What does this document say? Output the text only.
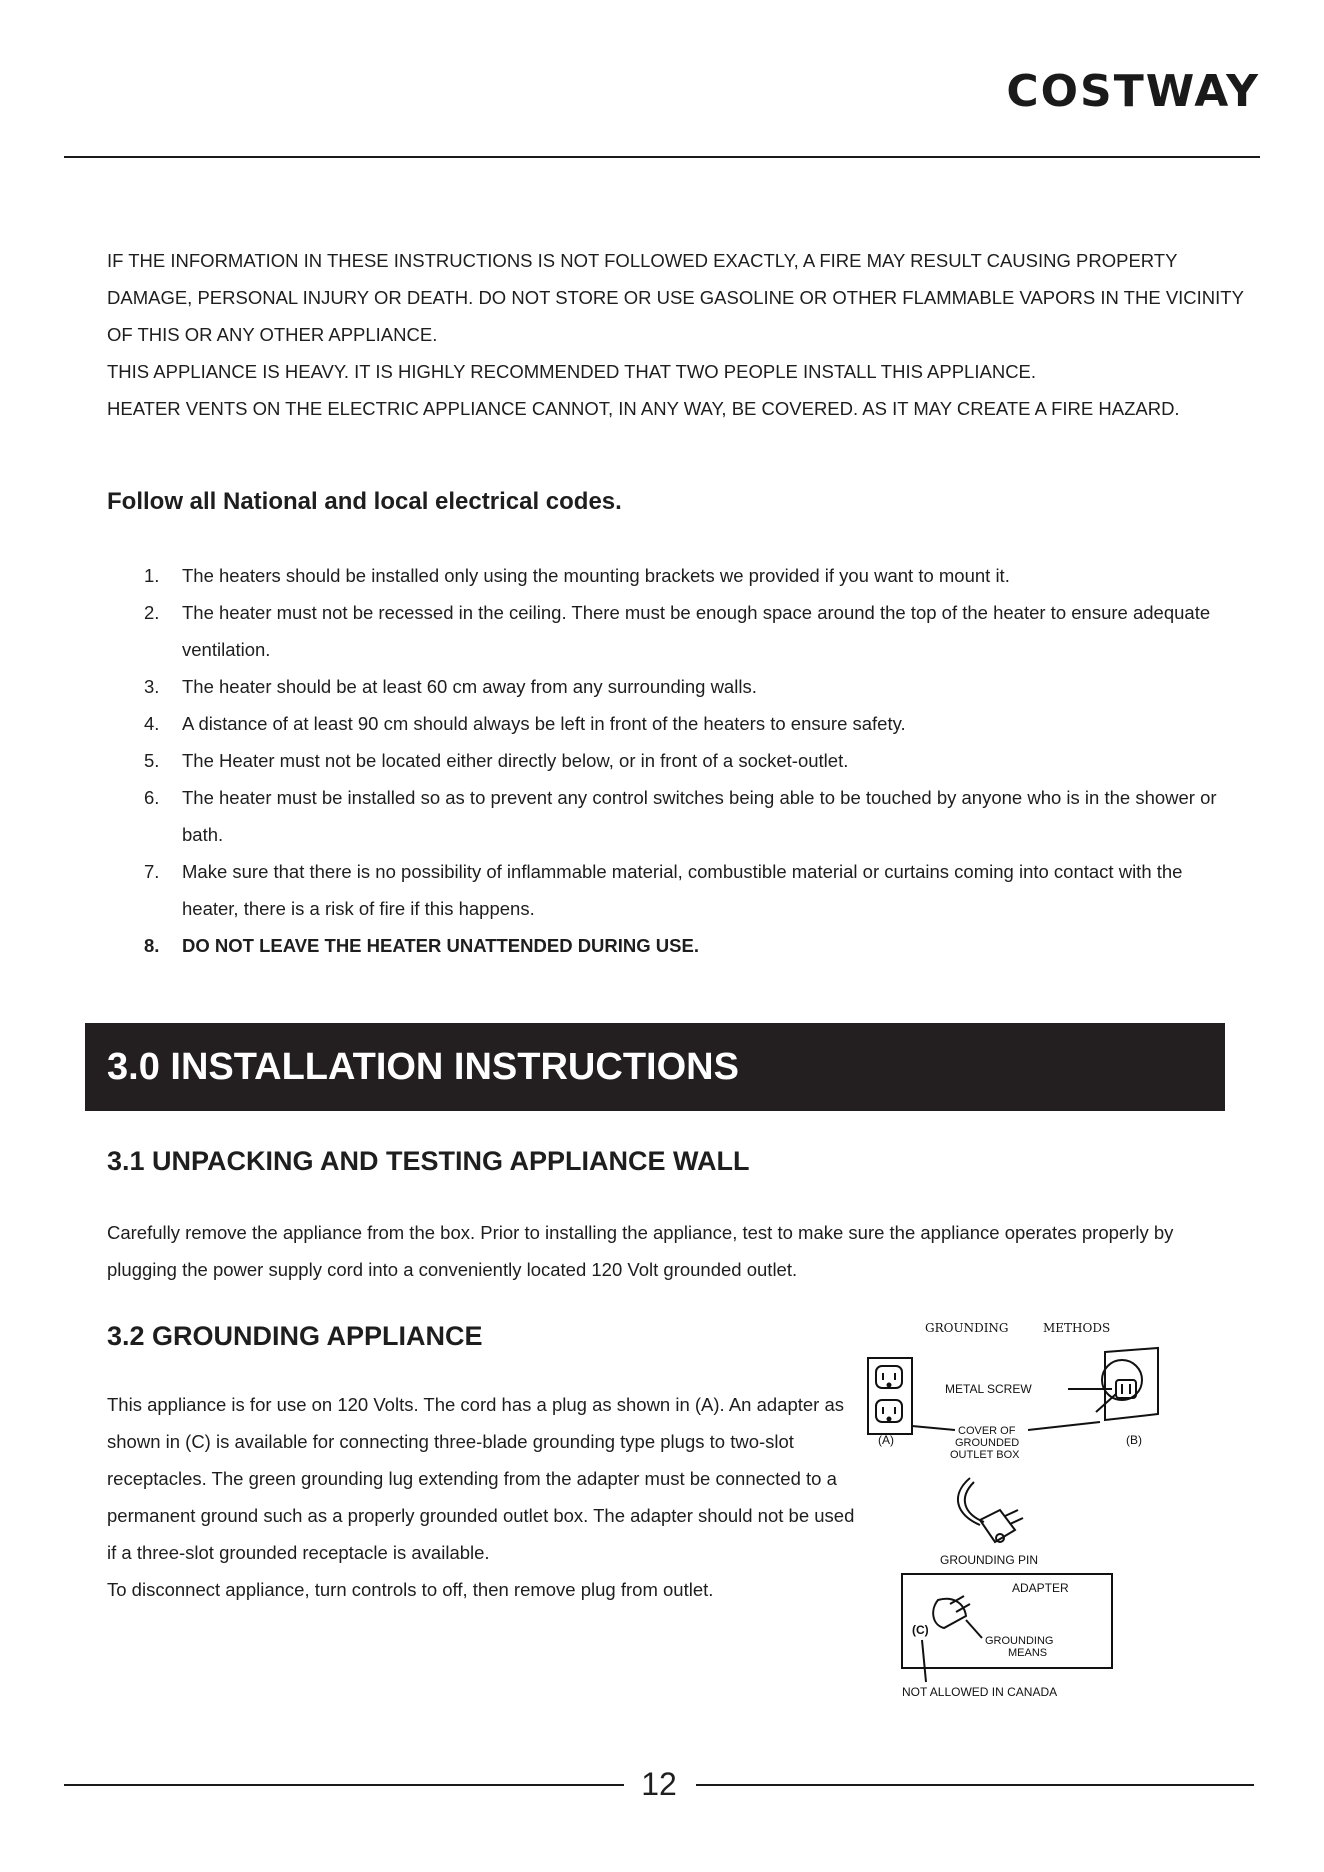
COSTWAY

IF THE INFORMATION IN THESE INSTRUCTIONS IS NOT FOLLOWED EXACTLY, A FIRE MAY RESULT CAUSING PROPERTY DAMAGE, PERSONAL INJURY OR DEATH. DO NOT STORE OR USE GASOLINE OR OTHER FLAMMABLE VAPORS IN THE VICINITY OF THIS OR ANY OTHER APPLIANCE.

THIS APPLIANCE IS HEAVY. IT IS HIGHLY RECOMMENDED THAT TWO PEOPLE INSTALL THIS APPLIANCE.

HEATER VENTS ON THE ELECTRIC APPLIANCE CANNOT, IN ANY WAY, BE COVERED. AS IT MAY CREATE A FIRE HAZARD.

Follow all National and local electrical codes.
1. The heaters should be installed only using the mounting brackets we provided if you want to mount it.
2. The heater must not be recessed in the ceiling. There must be enough space around the top of the heater to ensure adequate ventilation.
3. The heater should be at least 60 cm away from any surrounding walls.
4. A distance of at least 90 cm should always be left in front of the heaters to ensure safety.
5. The Heater must not be located either directly below, or in front of a socket-outlet.
6. The heater must be installed so as to prevent any control switches being able to be touched by anyone who is in the shower or bath.
7. Make sure that there is no possibility of inflammable material, combustible material or curtains coming into contact with the heater, there is a risk of fire if this happens.
8. DO NOT LEAVE THE HEATER UNATTENDED DURING USE.
3.0 INSTALLATION INSTRUCTIONS
3.1 UNPACKING AND TESTING APPLIANCE WALL

Carefully remove the appliance from the box. Prior to installing the appliance, test to make sure the appliance operates properly by plugging the power supply cord into a conveniently located 120 Volt grounded outlet.

3.2 GROUNDING APPLIANCE

This appliance is for use on 120 Volts. The cord has a plug as shown in (A). An adapter as shown in (C) is available for connecting three-blade grounding type plugs to two-slot receptacles. The green grounding lug extending from the adapter must be connected to a permanent ground such as a properly grounded outlet box. The adapter should not be used if a three-slot grounded receptacle is available.

To disconnect appliance, turn controls to off, then remove plug from outlet.

GROUNDING	METHODS
(A)	(B)
METAL SCREW
COVER OF
GROUNDED
OUTLET BOX
GROUNDING PIN
ADAPTER
(C)
GROUNDING
MEANS
NOT ALLOWED IN CANADA
12
